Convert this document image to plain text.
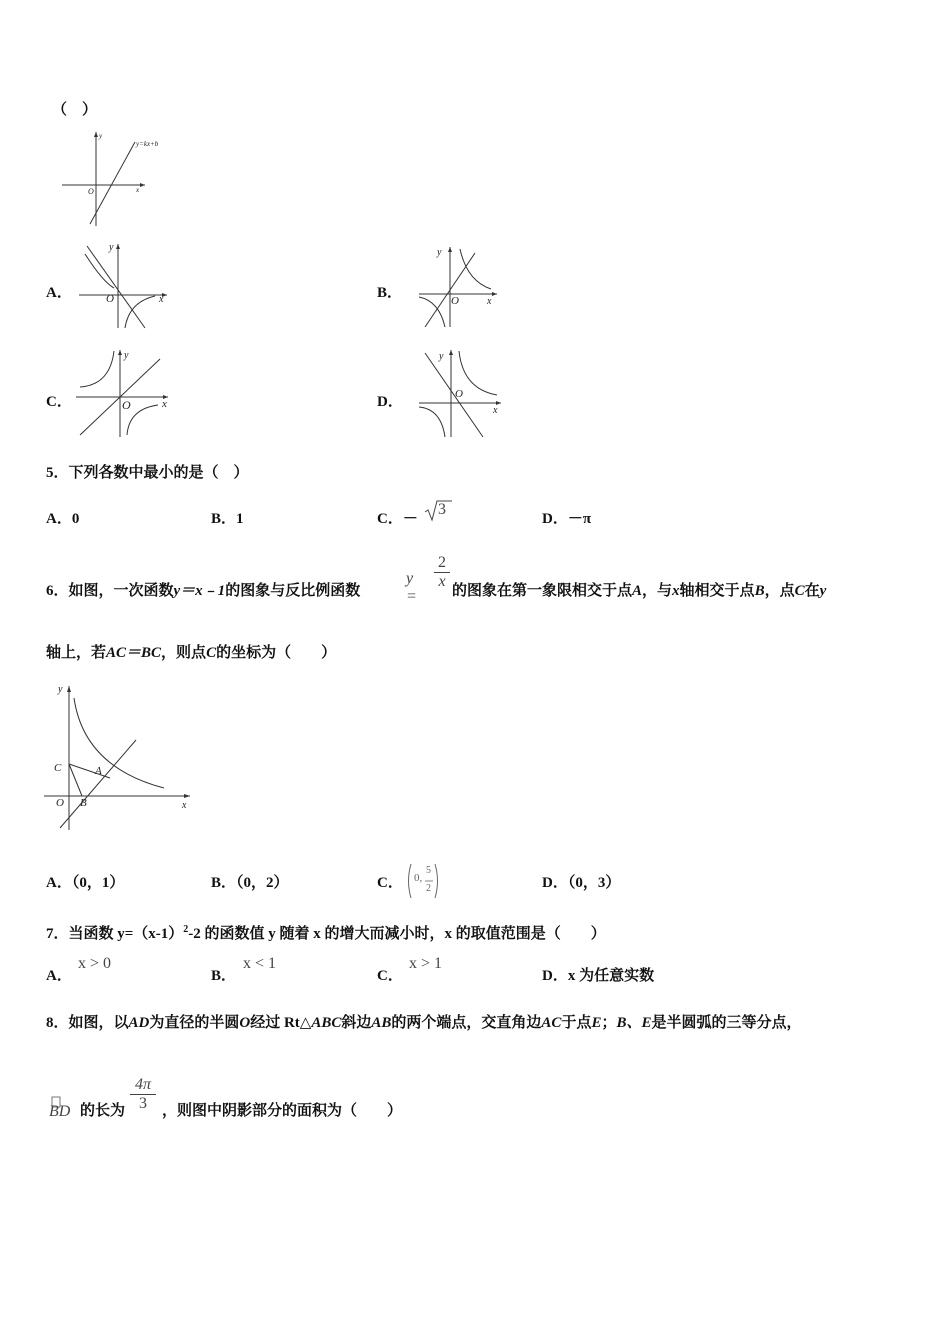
（　）
O	x
y
y=kx+b
A．	O	x
y
B．	O	x
y
C．	O	x
y
D．	O
x
y
5．下列各数中最小的是（　）
A．0	B．1	C．－
3
D．－π
6．如图，一次函数y＝x﹣1的图象与反比例函数
y =
2
x
的图象在第一象限相交于点A，与x轴相交于点B，点C在y
轴上，若AC＝BC，则点C的坐标为（　　）
C	A
B
O	x
y
A．（0，1）	B．（0，2）	C． 0,
5
2	D．（0，3）
7．当函数 $y=(x-1)^2-2$ 的函数值 y 随着 x 的增大而减小时，x 的取值范围是（　　）
A．
x > 0
B．
x < 1
C．
x > 1
D．x 为任意实数
8．如图，以AD为直径的半圆O经过 Rt△ABC斜边AB的两个端点，交直角边AC于点E；B、E是半圆弧的三等分点，
BD 的长为
4π
3	，则图中阴影部分的面积为（　　）
